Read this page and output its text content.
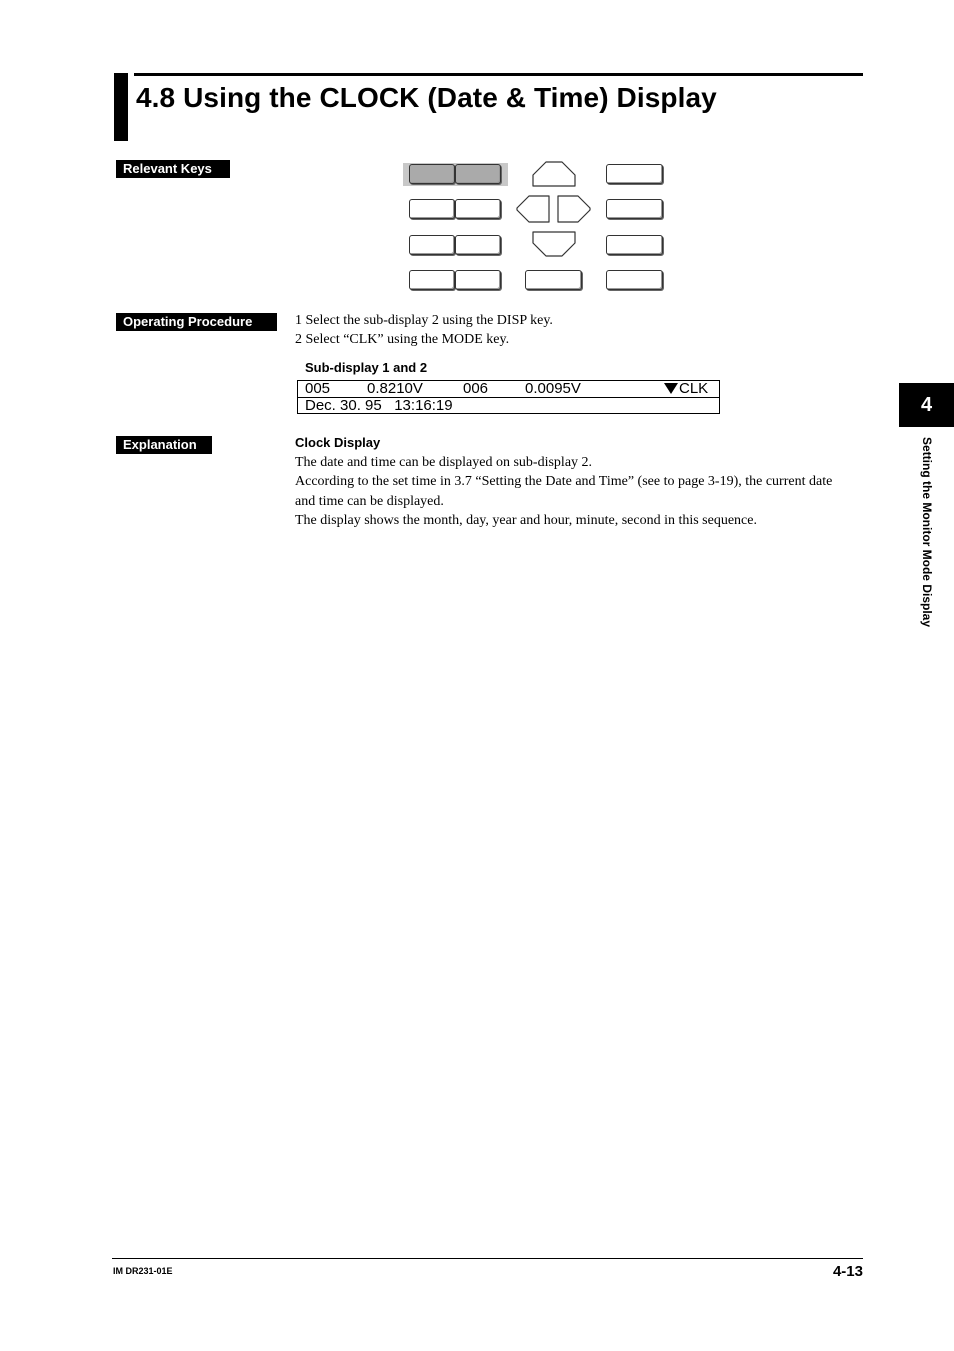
4.8 Using the CLOCK (Date & Time) Display
Relevant Keys
Operating Procedure	1 Select the sub-display 2 using the DISP key.
2 Select “CLK” using the MODE key.
Sub-display 1 and 2
005 0.8210V	006 0.0095V	CLK
Dec. 30. 95   13:16:19
Explanation	Clock Display
The date and time can be displayed on sub-display 2.
According to the set time in 3.7 “Setting the Date and Time” (see to page 3-19), the current date and time can be displayed.
The display shows the month, day, year and hour, minute, second in this sequence.
4
Setting the Monitor Mode Display
IM DR231-01E	4-13
